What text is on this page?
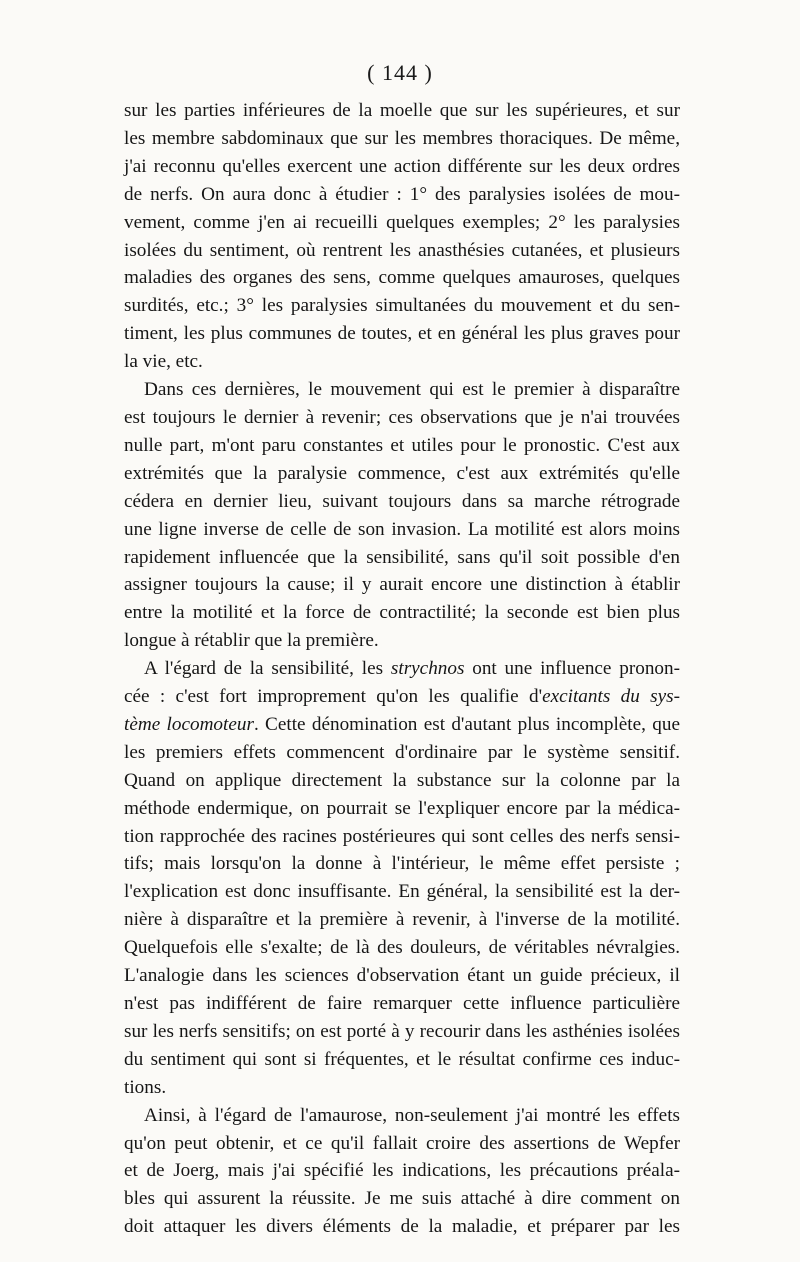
( 144 )

sur les parties inférieures de la moelle que sur les supérieures, et sur
les membre sabdominaux que sur les membres thoraciques. De même,
j'ai reconnu qu'elles exercent une action différente sur les deux ordres
de nerfs. On aura donc à étudier : 1° des paralysies isolées de mou-
vement, comme j'en ai recueilli quelques exemples; 2° les paralysies
isolées du sentiment, où rentrent les anasthésies cutanées, et plusieurs
maladies des organes des sens, comme quelques amauroses, quelques
surdités, etc.; 3° les paralysies simultanées du mouvement et du sen-
timent, les plus communes de toutes, et en général les plus graves pour
la vie, etc.

Dans ces dernières, le mouvement qui est le premier à disparaître
est toujours le dernier à revenir; ces observations que je n'ai trouvées
nulle part, m'ont paru constantes et utiles pour le pronostic. C'est aux
extrémités que la paralysie commence, c'est aux extrémités qu'elle
cédera en dernier lieu, suivant toujours dans sa marche rétrograde
une ligne inverse de celle de son invasion. La motilité est alors moins
rapidement influencée que la sensibilité, sans qu'il soit possible d'en
assigner toujours la cause; il y aurait encore une distinction à établir
entre la motilité et la force de contractilité; la seconde est bien plus
longue à rétablir que la première.

A l'égard de la sensibilité, les strychnos ont une influence pronon-
cée : c'est fort improprement qu'on les qualifie d'excitants du sys-
tème locomoteur. Cette dénomination est d'autant plus incomplète, que
les premiers effets commencent d'ordinaire par le système sensitif.
Quand on applique directement la substance sur la colonne par la
méthode endermique, on pourrait se l'expliquer encore par la médica-
tion rapprochée des racines postérieures qui sont celles des nerfs sensi-
tifs; mais lorsqu'on la donne à l'intérieur, le même effet persiste ;
l'explication est donc insuffisante. En général, la sensibilité est la der-
nière à disparaître et la première à revenir, à l'inverse de la motilité.
Quelquefois elle s'exalte; de là des douleurs, de véritables névralgies.
L'analogie dans les sciences d'observation étant un guide précieux, il
n'est pas indifférent de faire remarquer cette influence particulière
sur les nerfs sensitifs; on est porté à y recourir dans les asthénies isolées
du sentiment qui sont si fréquentes, et le résultat confirme ces induc-
tions.

Ainsi, à l'égard de l'amaurose, non-seulement j'ai montré les effets
qu'on peut obtenir, et ce qu'il fallait croire des assertions de Wepfer
et de Joerg, mais j'ai spécifié les indications, les précautions préala-
bles qui assurent la réussite. Je me suis attaché à dire comment on
doit attaquer les divers éléments de la maladie, et préparer par les
